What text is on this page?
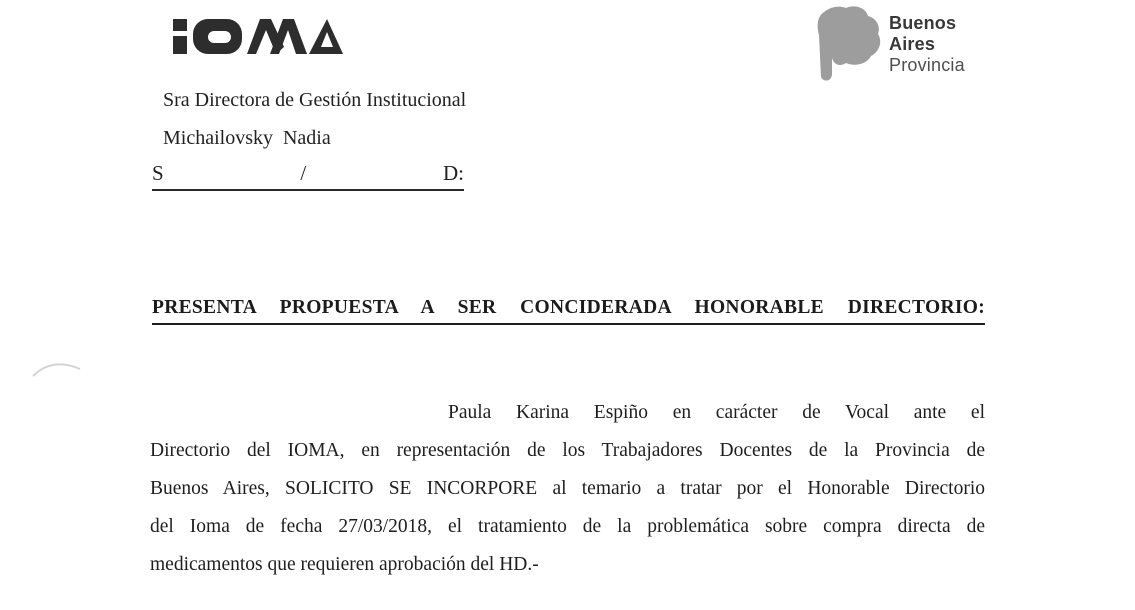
Buenos
Aires
Provincia
Sra Directora de Gestión Institucional
Michailovsky  Nadia
S	/	D:
PRESENTA PROPUESTA A SER CONCIDERADA HONORABLE DIRECTORIO:
Paula Karina Espiño en carácter de Vocal ante el
Directorio del IOMA, en representación de los Trabajadores Docentes de la Provincia de
Buenos Aires, SOLICITO SE INCORPORE al temario a tratar por el Honorable Directorio
del Ioma de fecha 27/03/2018, el tratamiento de la problemática sobre compra directa de
medicamentos que requieren aprobación del HD.-
